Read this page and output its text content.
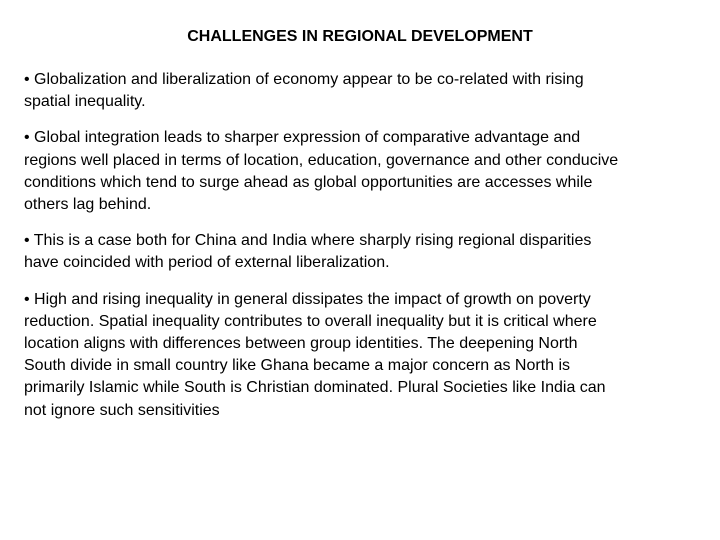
CHALLENGES IN REGIONAL DEVELOPMENT

• Globalization and liberalization of economy appear to be co-related with rising
spatial inequality.

• Global integration leads to sharper expression of comparative advantage and
regions well placed in terms of location, education, governance and other conducive
conditions which tend to surge ahead as global opportunities are accesses while
others lag behind.

• This is a case both for China and India where sharply rising regional disparities
have coincided with period of external liberalization.

• High and rising inequality in general dissipates the impact of growth on poverty
reduction. Spatial inequality contributes to overall inequality but it is critical where
location aligns with differences between group identities. The deepening North
South divide in small country like Ghana became a major concern as North is
primarily Islamic while South is Christian dominated. Plural Societies like India can
not ignore such sensitivities
